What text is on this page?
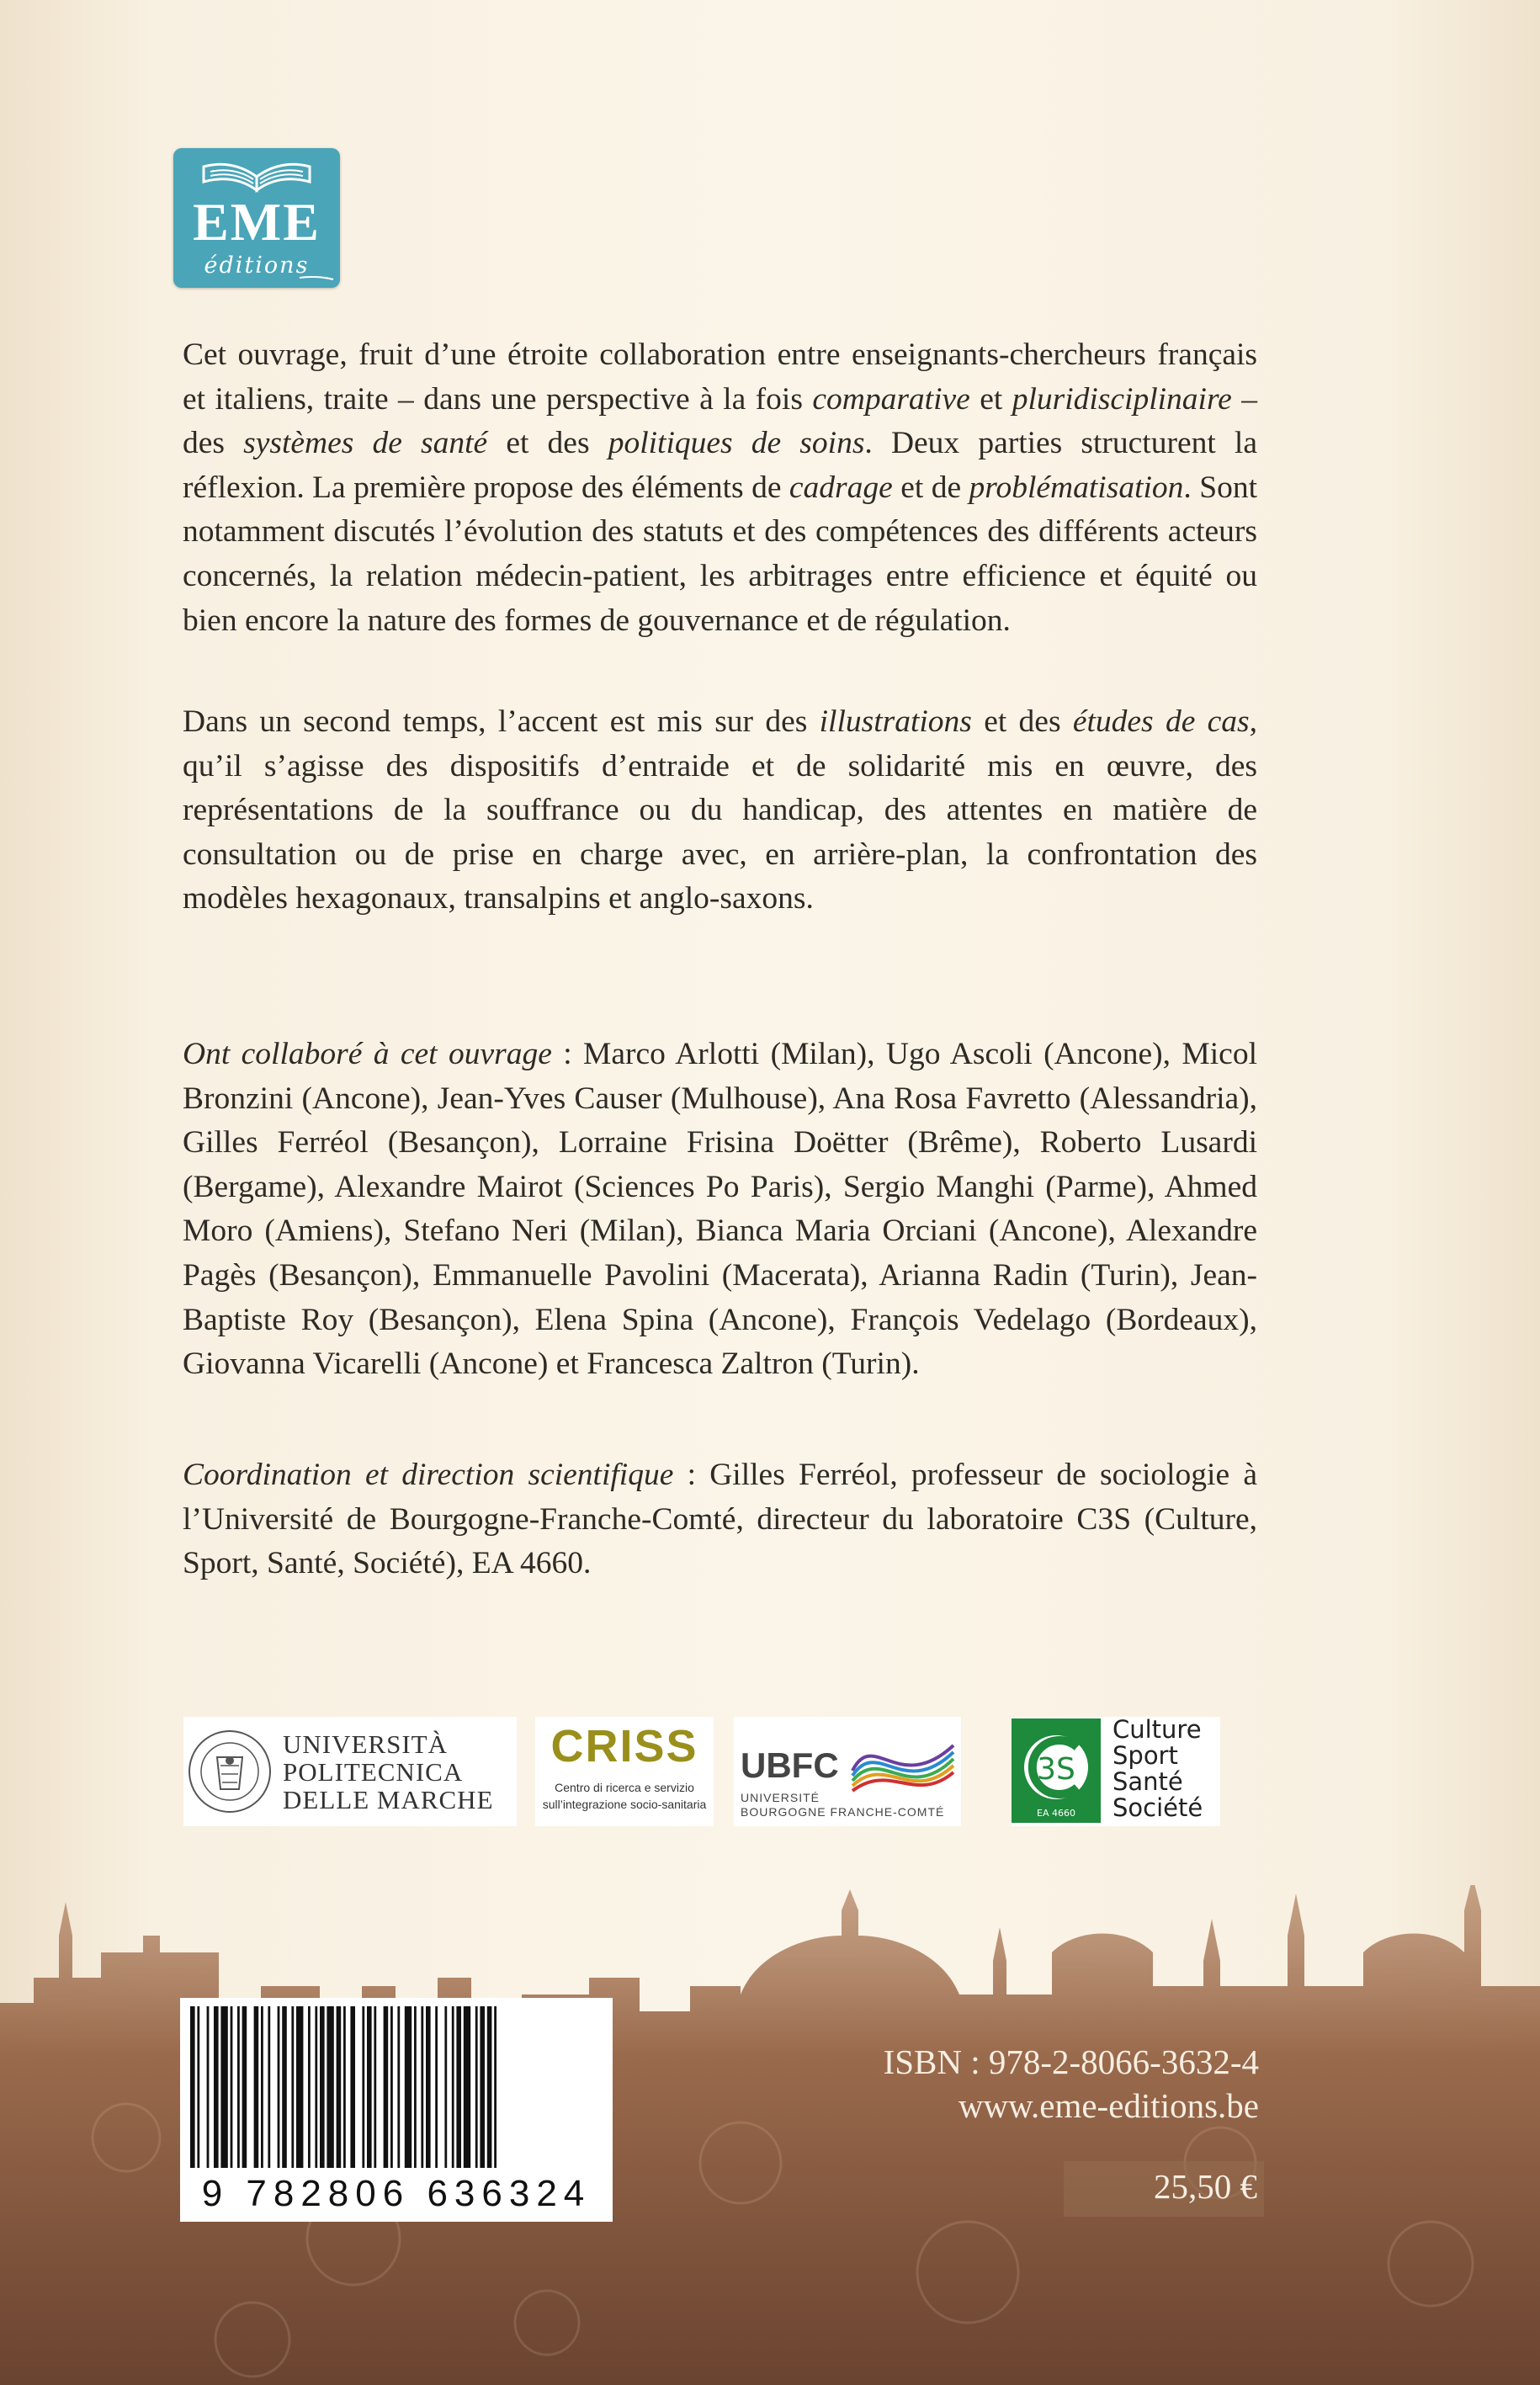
EME
éditions

Cet ouvrage, fruit d’une étroite collaboration entre enseignants-chercheurs français et italiens, traite – dans une perspective à la fois comparative et pluridisciplinaire – des systèmes de santé et des politiques de soins. Deux parties structurent la réflexion. La première propose des éléments de cadrage et de problématisation. Sont notamment discutés l’évolution des statuts et des compétences des différents acteurs concernés, la relation médecin-patient, les arbitrages entre efficience et équité ou bien encore la nature des formes de gouvernance et de régulation.

Dans un second temps, l’accent est mis sur des illustrations et des études de cas, qu’il s’agisse des dispositifs d’entraide et de solidarité mis en œuvre, des représentations de la souffrance ou du handicap, des attentes en matière de consultation ou de prise en charge avec, en arrière-plan, la confrontation des modèles hexagonaux, transalpins et anglo-saxons.

Ont collaboré à cet ouvrage : Marco Arlotti (Milan), Ugo Ascoli (Ancone), Micol Bronzini (Ancone), Jean-Yves Causer (Mulhouse), Ana Rosa Favretto (Alessandria), Gilles Ferréol (Besançon), Lorraine Frisina Doëtter (Brême), Roberto Lusardi (Bergame), Alexandre Mairot (Sciences Po Paris), Sergio Manghi (Parme), Ahmed Moro (Amiens), Stefano Neri (Milan), Bianca Maria Orciani (Ancone), Alexandre Pagès (Besançon), Emmanuelle Pavolini (Macerata), Arianna Radin (Turin), Jean-Baptiste Roy (Besançon), Elena Spina (Ancone), François Vedelago (Bordeaux), Giovanna Vicarelli (Ancone) et Francesca Zaltron (Turin).

Coordination et direction scientifique : Gilles Ferréol, professeur de sociologie à l’Université de Bourgogne-Franche-Comté, directeur du laboratoire C3S (Culture, Sport, Santé, Société), EA 4660.

UNIVERSITÀ
POLITECNICA
DELLE MARCHE
CRISS
Centro di ricerca e servizio
sull’integrazione socio-sanitaria
UBFC
UNIVERSITÉ
BOURGOGNE FRANCHE-COMTÉ
3S
EA 4660
Culture
Sport
Santé
Société
9 782806 636324
ISBN : 978-2-8066-3632-4
www.eme-editions.be
25,50 €
